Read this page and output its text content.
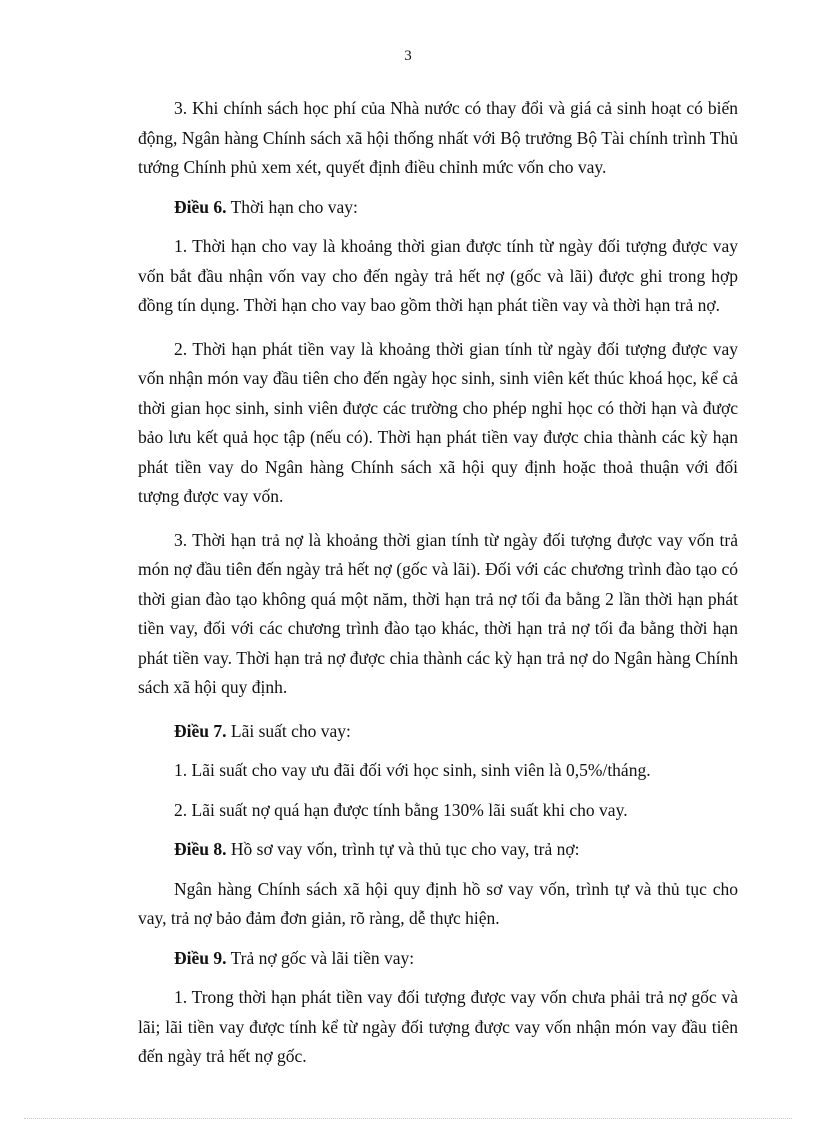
3

3. Khi chính sách học phí của Nhà nước có thay đổi và giá cả sinh hoạt có biến động, Ngân hàng Chính sách xã hội thống nhất với Bộ trưởng Bộ Tài chính trình Thủ tướng Chính phủ xem xét, quyết định điều chỉnh mức vốn cho vay.

Điều 6. Thời hạn cho vay:

1. Thời hạn cho vay là khoảng thời gian được tính từ ngày đối tượng được vay vốn bắt đầu nhận vốn vay cho đến ngày trả hết nợ (gốc và lãi) được ghi trong hợp đồng tín dụng. Thời hạn cho vay bao gồm thời hạn phát tiền vay và thời hạn trả nợ.

2. Thời hạn phát tiền vay là khoảng thời gian tính từ ngày đối tượng được vay vốn nhận món vay đầu tiên cho đến ngày học sinh, sinh viên kết thúc khoá học, kể cả thời gian học sinh, sinh viên được các trường cho phép nghỉ học có thời hạn và được bảo lưu kết quả học tập (nếu có). Thời hạn phát tiền vay được chia thành các kỳ hạn phát tiền vay do Ngân hàng Chính sách xã hội quy định hoặc thoả thuận với đối tượng được vay vốn.

3. Thời hạn trả nợ là khoảng thời gian tính từ ngày đối tượng được vay vốn trả món nợ đầu tiên đến ngày trả hết nợ (gốc và lãi). Đối với các chương trình đào tạo có thời gian đào tạo không quá một năm, thời hạn trả nợ tối đa bằng 2 lần thời hạn phát tiền vay, đối với các chương trình đào tạo khác, thời hạn trả nợ tối đa bằng thời hạn phát tiền vay. Thời hạn trả nợ được chia thành các kỳ hạn trả nợ do Ngân hàng Chính sách xã hội quy định.

Điều 7. Lãi suất cho vay:

1. Lãi suất cho vay ưu đãi đối với học sinh, sinh viên là 0,5%/tháng.

2. Lãi suất nợ quá hạn được tính bằng 130% lãi suất khi cho vay.

Điều 8. Hồ sơ vay vốn, trình tự và thủ tục cho vay, trả nợ:

Ngân hàng Chính sách xã hội quy định hồ sơ vay vốn, trình tự và thủ tục cho vay, trả nợ bảo đảm đơn giản, rõ ràng, dễ thực hiện.

Điều 9. Trả nợ gốc và lãi tiền vay:

1. Trong thời hạn phát tiền vay đối tượng được vay vốn chưa phải trả nợ gốc và lãi; lãi tiền vay được tính kể từ ngày đối tượng được vay vốn nhận món vay đầu tiên đến ngày trả hết nợ gốc.
